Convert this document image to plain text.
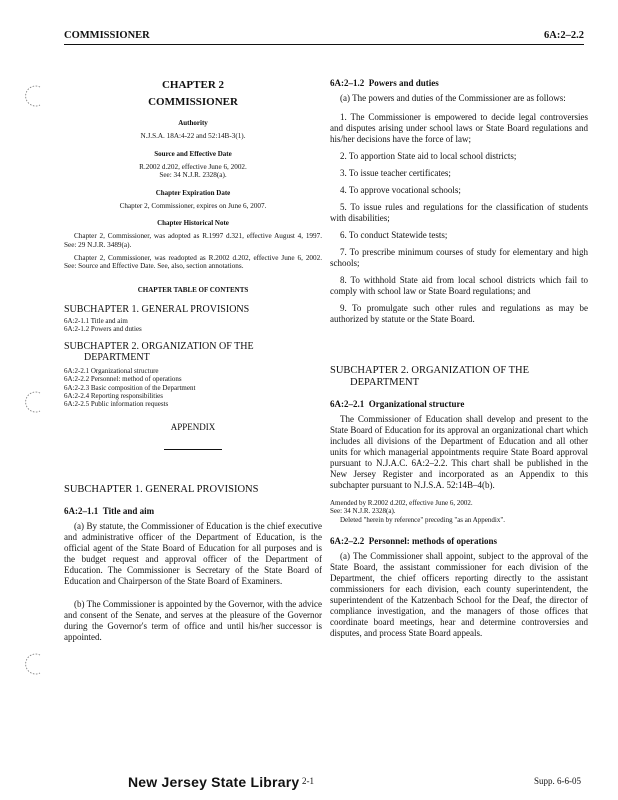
COMMISSIONER	6A:2–2.2
CHAPTER 2
COMMISSIONER
Authority
N.J.S.A. 18A:4-22 and 52:14B-3(1).
Source and Effective Date
R.2002 d.202, effective June 6, 2002.
See: 34 N.J.R. 2328(a).
Chapter Expiration Date
Chapter 2, Commissioner, expires on June 6, 2007.
Chapter Historical Note
Chapter 2, Commissioner, was adopted as R.1997 d.321, effective August 4, 1997. See: 29 N.J.R. 3489(a).
Chapter 2, Commissioner, was readopted as R.2002 d.202, effective June 6, 2002. See: Source and Effective Date. See, also, section annotations.
CHAPTER TABLE OF CONTENTS
SUBCHAPTER 1. GENERAL PROVISIONS
6A:2-1.1 Title and aim
6A:2-1.2 Powers and duties
SUBCHAPTER 2. ORGANIZATION OF THE
DEPARTMENT
6A:2-2.1 Organizational structure
6A:2-2.2 Personnel: method of operations
6A:2-2.3 Basic composition of the Department
6A:2-2.4 Reporting responsibilities
6A:2-2.5 Public information requests
APPENDIX
SUBCHAPTER 1. GENERAL PROVISIONS
6A:2–1.1 Title and aim
(a) By statute, the Commissioner of Education is the chief executive and administrative officer of the Department of Education, is the official agent of the State Board of Education for all purposes and is the budget request and approval officer of the Department of Education. The Commissioner is Secretary of the State Board of Education and Chairperson of the State Board of Examiners.
(b) The Commissioner is appointed by the Governor, with the advice and consent of the Senate, and serves at the pleasure of the Governor during the Governor's term of office and until his/her successor is appointed.
6A:2–1.2 Powers and duties
(a) The powers and duties of the Commissioner are as follows:
1. The Commissioner is empowered to decide legal controversies and disputes arising under school laws or State Board regulations and his/her decisions have the force of law;
2. To apportion State aid to local school districts;
3. To issue teacher certificates;
4. To approve vocational schools;
5. To issue rules and regulations for the classification of students with disabilities;
6. To conduct Statewide tests;
7. To prescribe minimum courses of study for elementary and high schools;
8. To withhold State aid from local school districts which fail to comply with school law or State Board regulations; and
9. To promulgate such other rules and regulations as may be authorized by statute or the State Board.
SUBCHAPTER 2. ORGANIZATION OF THE
DEPARTMENT
6A:2–2.1 Organizational structure
The Commissioner of Education shall develop and present to the State Board of Education for its approval an organizational chart which includes all divisions of the Department of Education and all other units for which managerial appointments require State Board approval pursuant to N.J.A.C. 6A:2–2.2. This chart shall be published in the New Jersey Register and incorporated as an Appendix to this subchapter pursuant to N.J.S.A. 52:14B–4(b).
Amended by R.2002 d.202, effective June 6, 2002.
See: 34 N.J.R. 2328(a).
Deleted "herein by reference" preceding "as an Appendix".
6A:2–2.2 Personnel: methods of operations
(a) The Commissioner shall appoint, subject to the approval of the State Board, the assistant commissioner for each division of the Department, the chief officers reporting directly to the assistant commissioners for each division, each county superintendent, the superintendent of the Katzenbach School for the Deaf, the director of compliance investigation, and the managers of those offices that coordinate board meetings, hear and determine controversies and disputes, and process State Board appeals.
New Jersey State Library 2-1	Supp. 6-6-05
